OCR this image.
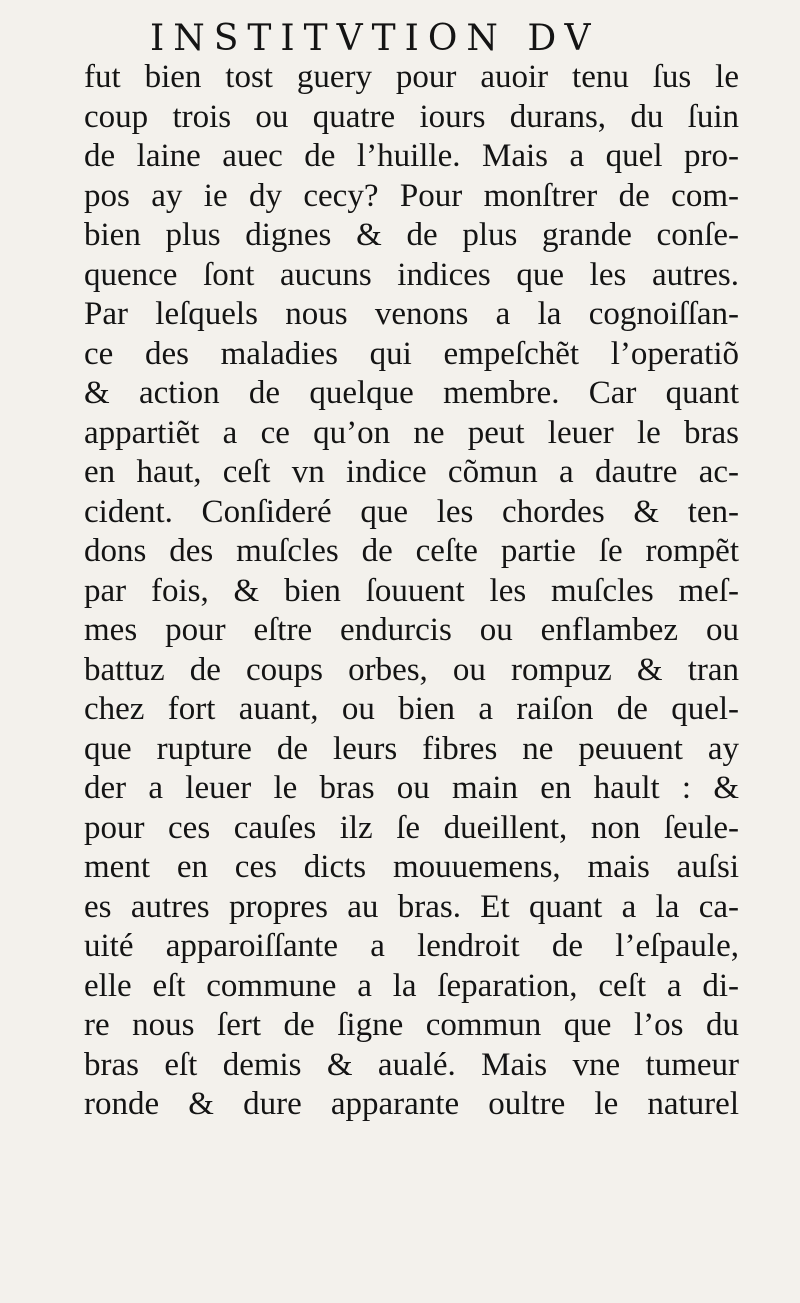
INSTITVTION DV
fut bien tost guery pour auoir tenu ſus le
coup trois ou quatre iours durans, du ſuin
de laine auec de l’huille. Mais a quel pro-
pos ay ie dy cecy? Pour monſtrer de com-
bien plus dignes & de plus grande conſe-
quence ſont aucuns indices que les autres.
Par leſquels nous venons a la cognoiſſan-
ce des maladies qui empeſchẽt l’operatiõ
& action de quelque membre. Car quant
appartiẽt a ce qu’on ne peut leuer le bras
en haut, ceſt vn indice cõmun a dautre ac-
cident. Conſideré que les chordes & ten-
dons des muſcles de ceſte partie ſe rompẽt
par fois, & bien ſouuent les muſcles meſ-
mes pour eſtre endurcis ou enflambez ou
battuz de coups orbes, ou rompuz & tran
chez fort auant, ou bien a raiſon de quel-
que rupture de leurs fibres ne peuuent ay
der a leuer le bras ou main en hault : &
pour ces cauſes ilz ſe dueillent, non ſeule-
ment en ces dicts mouuemens, mais auſsi
es autres propres au bras. Et quant a la ca-
uité apparoiſſante a lendroit de l’eſpaule,
elle eſt commune a la ſeparation, ceſt a di-
re nous ſert de ſigne commun que l’os du
bras eſt demis & aualé. Mais vne tumeur
ronde & dure apparante oultre le naturel
